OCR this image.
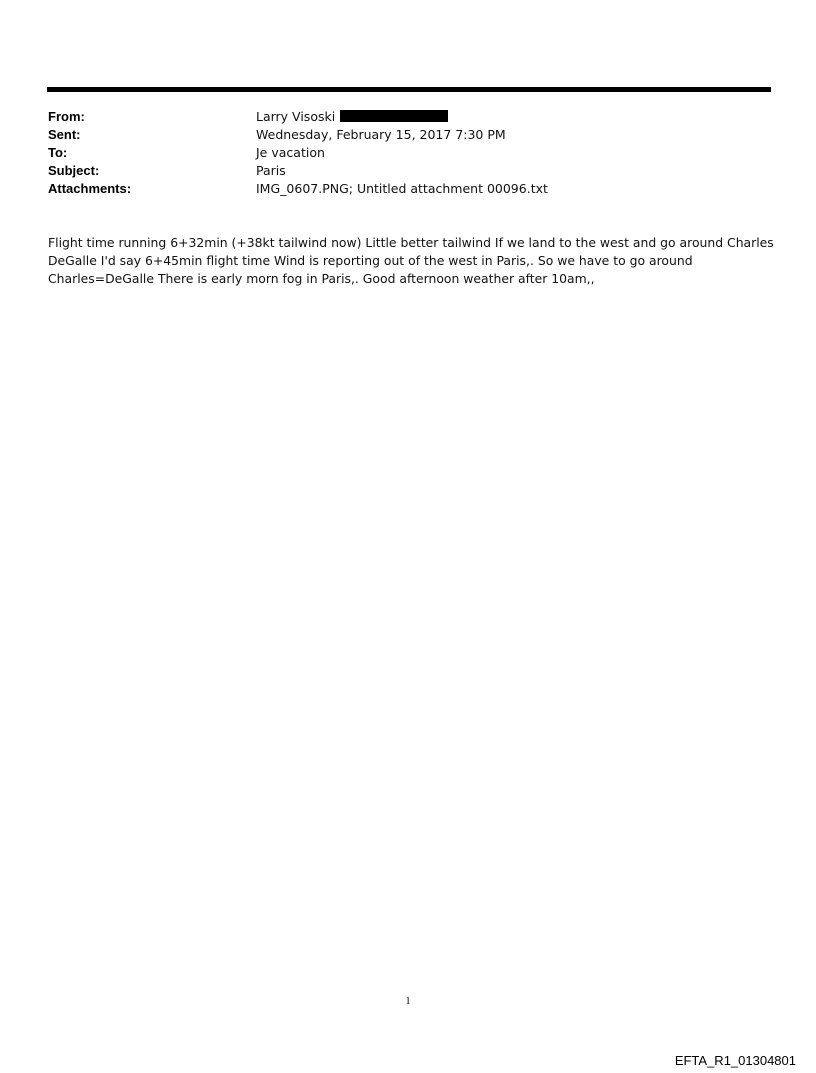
From:	Larry Visoski
Sent:	Wednesday, February 15, 2017 7:30 PM
To:	Je vacation
Subject:	Paris
Attachments:	IMG_0607.PNG; Untitled attachment 00096.txt
Flight time running 6+32min (+38kt tailwind now) Little better tailwind If we land to the west and go around Charles DeGalle I'd say 6+45min flight time Wind is reporting out of the west in Paris,. So we have to go around Charles=DeGalle There is early morn fog in Paris,. Good afternoon weather after 10am,,
1
EFTA_R1_01304801
